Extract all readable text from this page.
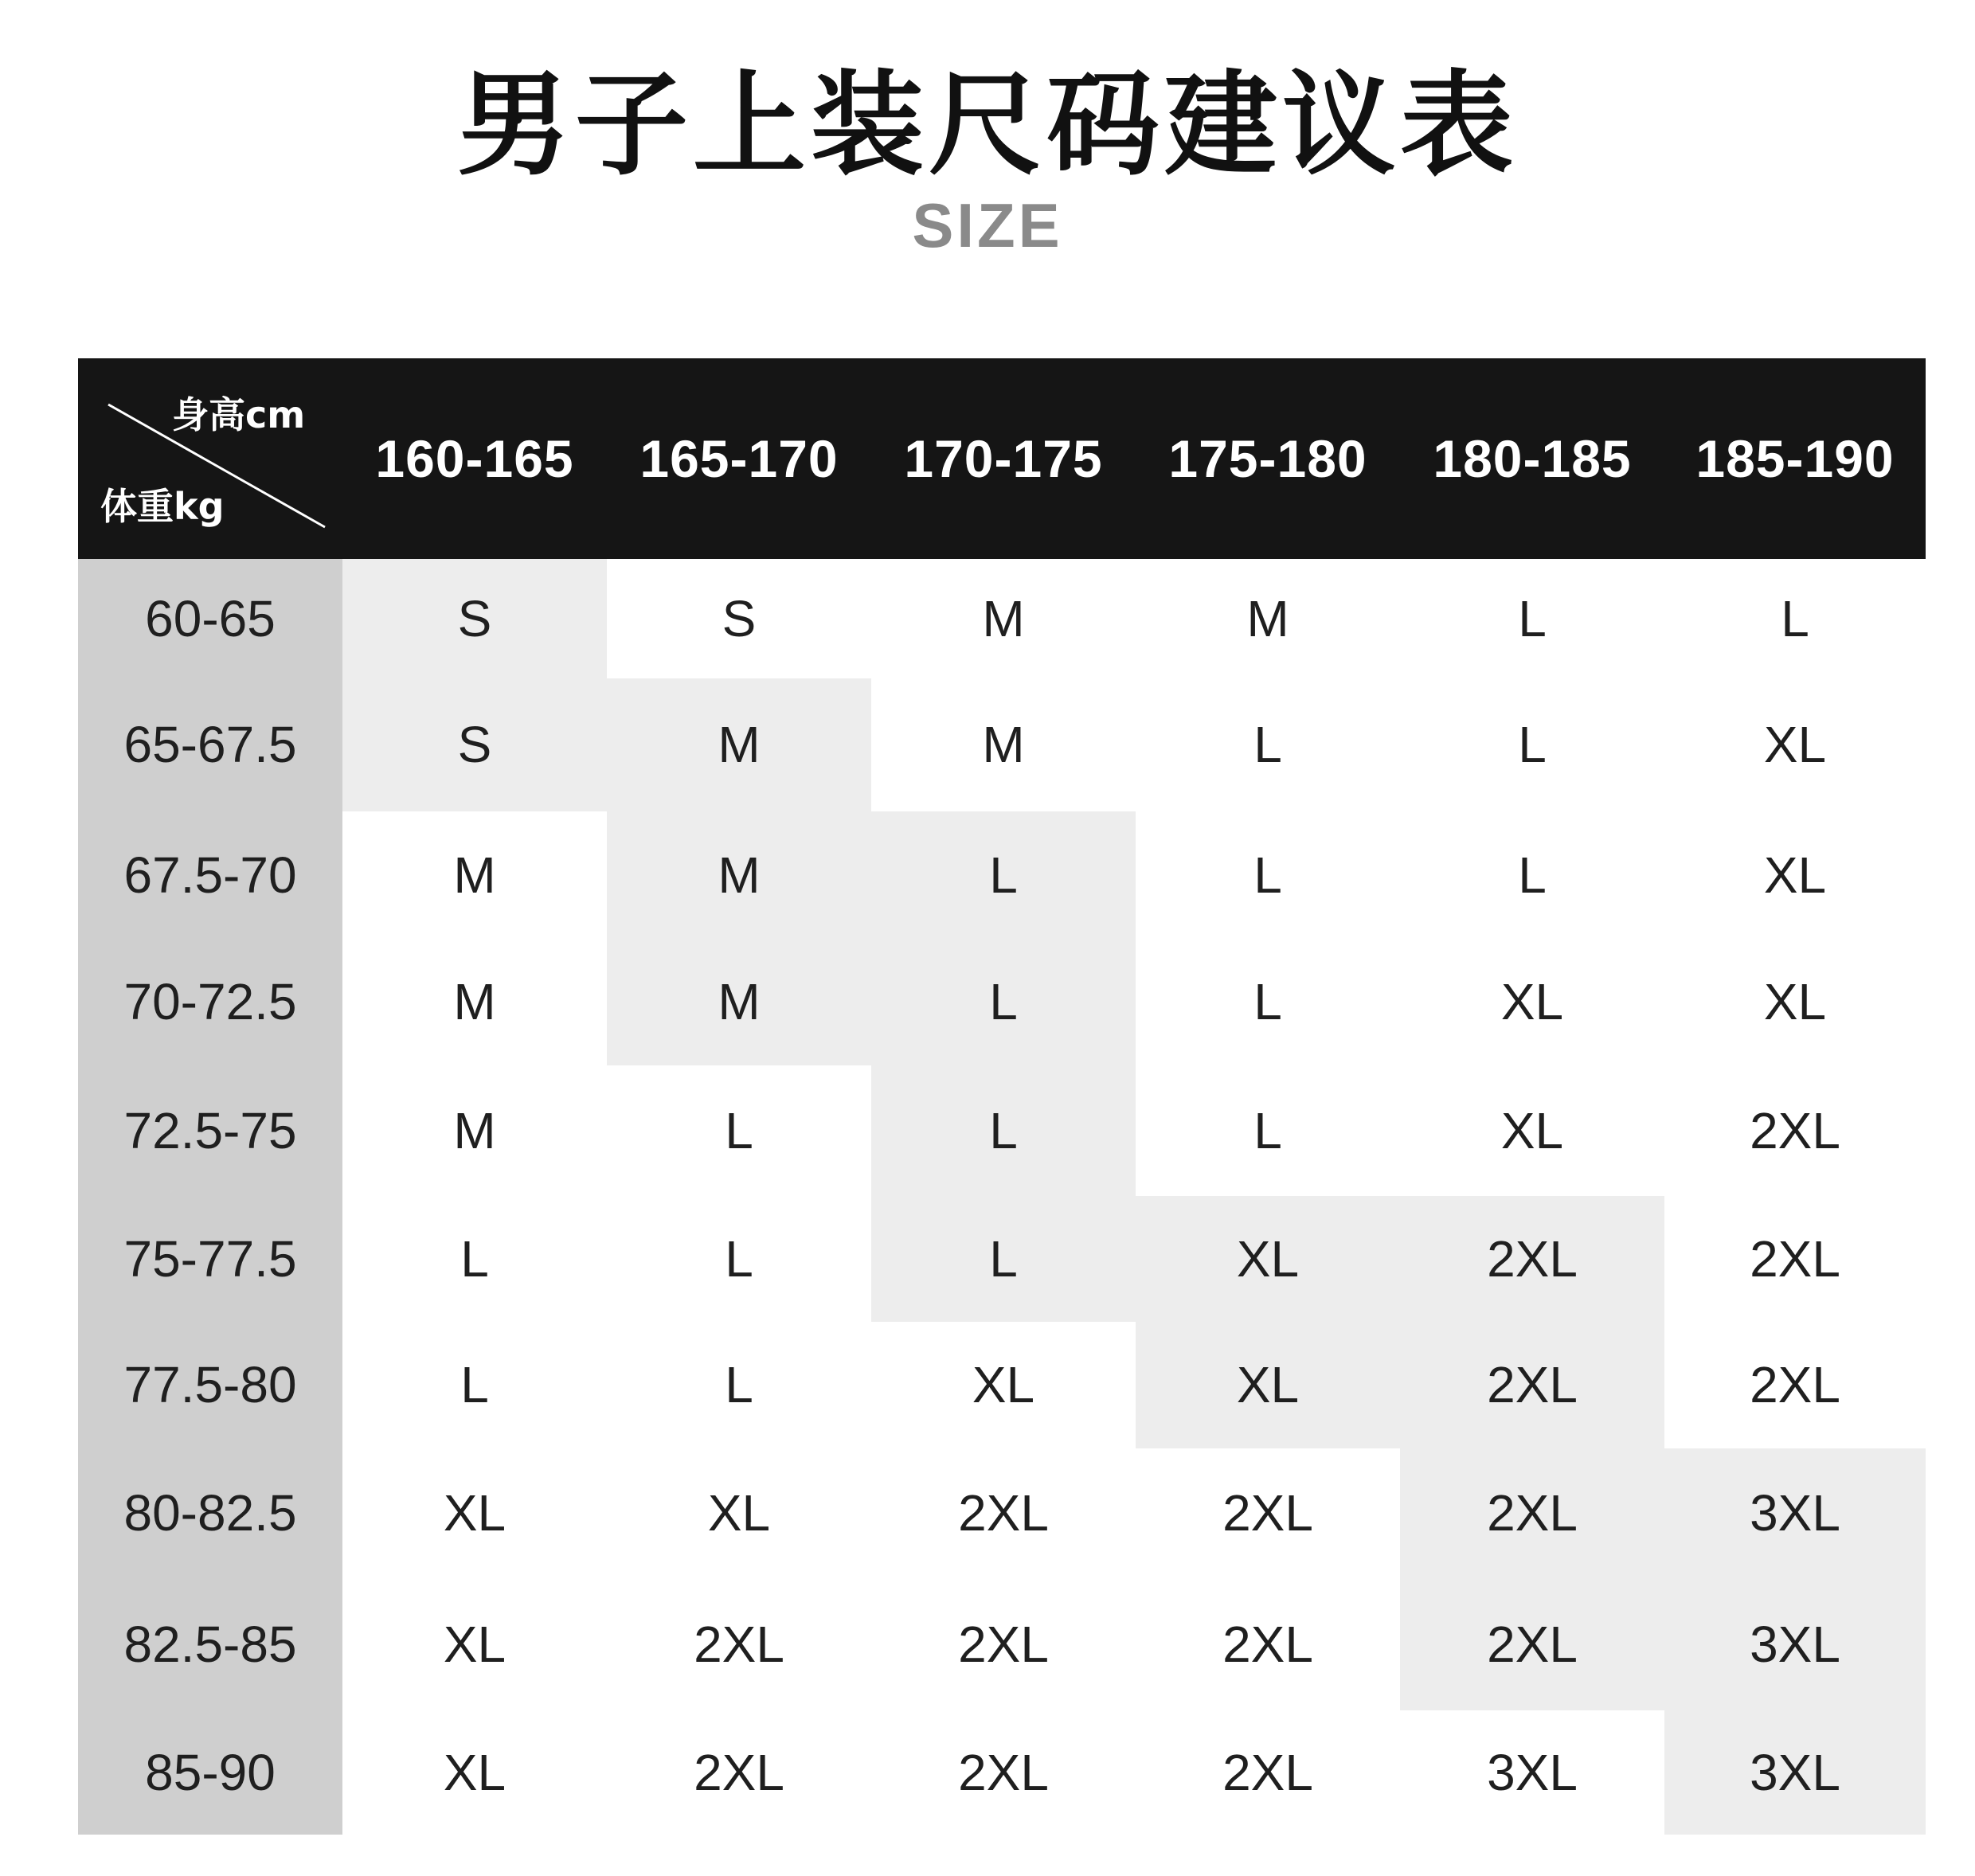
男子上装尺码建议表
SIZE
身高cm
体重kg
160-165	165-170	170-175	175-180	180-185	185-190
60-65	S	S	M	M	L	L
65-67.5	S	M	M	L	L	XL
67.5-70	M	M	L	L	L	XL
70-72.5	M	M	L	L	XL	XL
72.5-75	M	L	L	L	XL	2XL
75-77.5	L	L	L	XL	2XL	2XL
77.5-80	L	L	XL	XL	2XL	2XL
80-82.5	XL	XL	2XL	2XL	2XL	3XL
82.5-85	XL	2XL	2XL	2XL	2XL	3XL
85-90	XL	2XL	2XL	2XL	3XL	3XL
